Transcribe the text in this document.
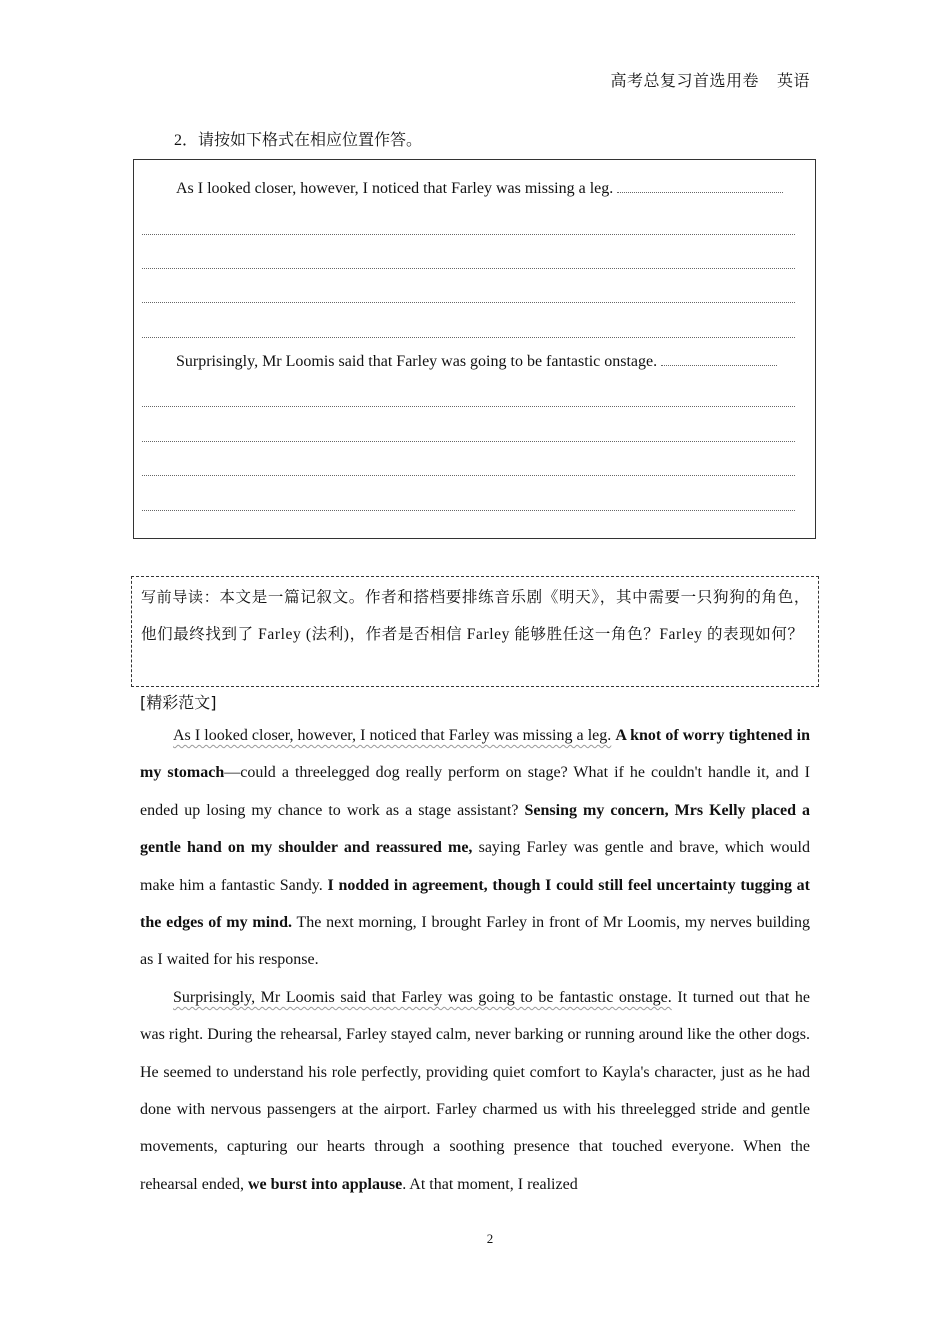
高考总复习首选用卷 英语
2．请按如下格式在相应位置作答。
As I looked closer, however, I noticed that Farley was missing a leg.
Surprisingly, Mr Loomis said that Farley was going to be fantastic onstage.
写前导读：本文是一篇记叙文。作者和搭档要排练音乐剧《明天》，其中需要一只狗狗的角色，他们最终找到了 Farley (法利)，作者是否相信 Farley 能够胜任这一角色？Farley 的表现如何？
[精彩范文]

As I looked closer, however, I noticed that Farley was missing a leg. A knot of worry tightened in my stomach—could a threelegged dog really perform on stage? What if he couldn't handle it, and I ended up losing my chance to work as a stage assistant? Sensing my concern, Mrs Kelly placed a gentle hand on my shoulder and reassured me, saying Farley was gentle and brave, which would make him a fantastic Sandy. I nodded in agreement, though I could still feel uncertainty tugging at the edges of my mind. The next morning, I brought Farley in front of Mr Loomis, my nerves building as I waited for his response.

Surprisingly, Mr Loomis said that Farley was going to be fantastic onstage. It turned out that he was right. During the rehearsal, Farley stayed calm, never barking or running around like the other dogs. He seemed to understand his role perfectly, providing quiet comfort to Kayla's character, just as he had done with nervous passengers at the airport. Farley charmed us with his threelegged stride and gentle movements, capturing our hearts through a soothing presence that touched everyone. When the rehearsal ended, we burst into applause. At that moment, I realized

2
